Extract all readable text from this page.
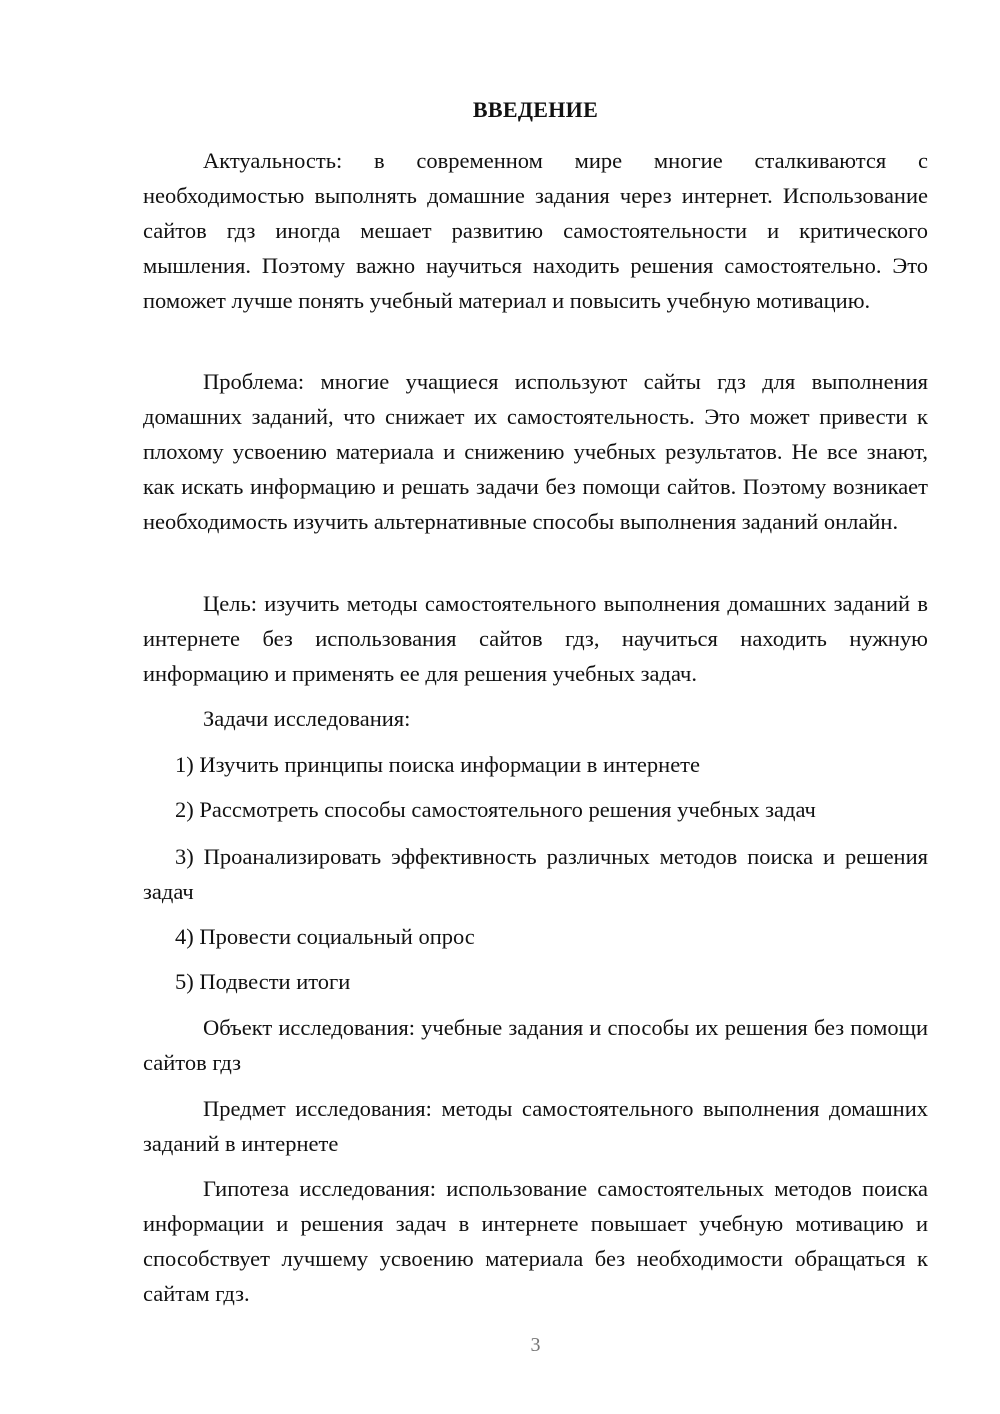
ВВЕДЕНИЕ

Актуальность: в современном мире многие сталкиваются с необходимостью выполнять домашние задания через интернет. Использование сайтов гдз иногда мешает развитию самостоятельности и критического мышления. Поэтому важно научиться находить решения самостоятельно. Это поможет лучше понять учебный материал и повысить учебную мотивацию.

Проблема: многие учащиеся используют сайты гдз для выполнения домашних заданий, что снижает их самостоятельность. Это может привести к плохому усвоению материала и снижению учебных результатов. Не все знают, как искать информацию и решать задачи без помощи сайтов. Поэтому возникает необходимость изучить альтернативные способы выполнения заданий онлайн.

Цель: изучить методы самостоятельного выполнения домашних заданий в интернете без использования сайтов гдз, научиться находить нужную информацию и применять ее для решения учебных задач.

Задачи исследования:

1) Изучить принципы поиска информации в интернете

2) Рассмотреть способы самостоятельного решения учебных задач

3) Проанализировать эффективность различных методов поиска и решения задач

4) Провести социальный опрос

5) Подвести итоги

Объект исследования: учебные задания и способы их решения без помощи сайтов гдз

Предмет исследования: методы самостоятельного выполнения домашних заданий в интернете

Гипотеза исследования: использование самостоятельных методов поиска информации и решения задач в интернете повышает учебную мотивацию и способствует лучшему усвоению материала без необходимости обращаться к сайтам гдз.

3
